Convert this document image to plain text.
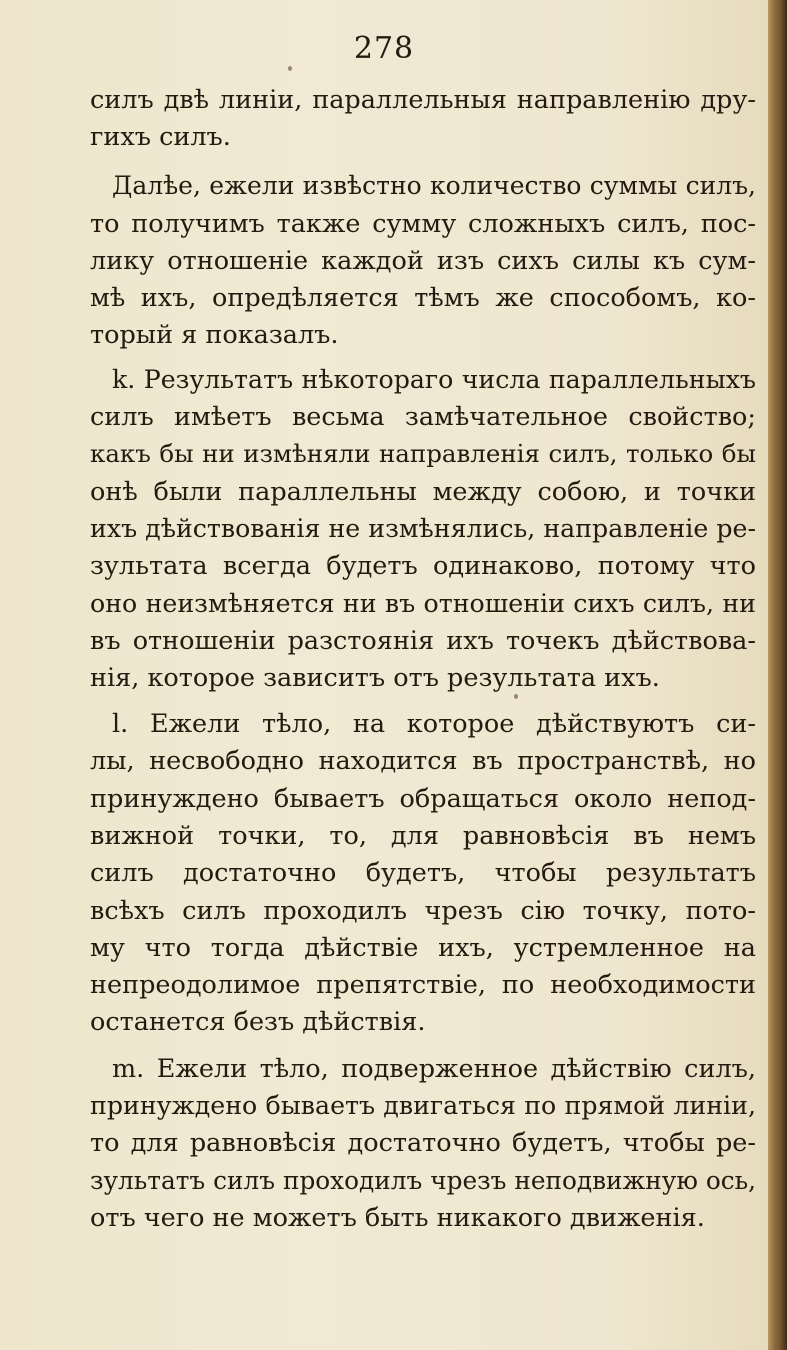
278
силъ двѣ линiи, параллельныя направленiю дру-
гихъ силъ.
Далѣе, ежели извѣстно количество суммы силъ,
то получимъ также сумму сложныхъ силъ, пос-
лику отношенiе каждой изъ сихъ силы къ сум-
мѣ ихъ, опредѣляется тѣмъ же способомъ, ко-
торый я показалъ.
k. Результатъ нѣкотораго числа параллельныхъ
силъ имѣетъ весьма замѣчательное свойство;
какъ бы ни измѣняли направленiя силъ, только бы
онѣ были параллельны между собою, и точки
ихъ дѣйствованiя не измѣнялись, направленiе ре-
зультата всегда будетъ одинаково, потому что
оно неизмѣняется ни въ отношенiи сихъ силъ, ни
въ отношенiи разстоянiя ихъ точекъ дѣйствова-
нiя, которое зависитъ отъ результата ихъ.
l. Ежели тѣло, на которое дѣйствуютъ си-
лы, несвободно находится въ пространствѣ, но
принуждено бываетъ обращаться около непод-
вижной точки, то, для равновѣсiя въ немъ
силъ достаточно будетъ, чтобы результатъ
всѣхъ силъ проходилъ чрезъ сiю точку, пото-
му что тогда дѣйствiе ихъ, устремленное на
непреодолимое препятствiе, по необходимости
останется безъ дѣйствiя.
m. Ежели тѣло, подверженное дѣйствiю силъ,
принуждено бываетъ двигаться по прямой линiи,
то для равновѣсiя достаточно будетъ, чтобы ре-
зультатъ силъ проходилъ чрезъ неподвижную ось,
отъ чего не можетъ быть никакого движенiя.
